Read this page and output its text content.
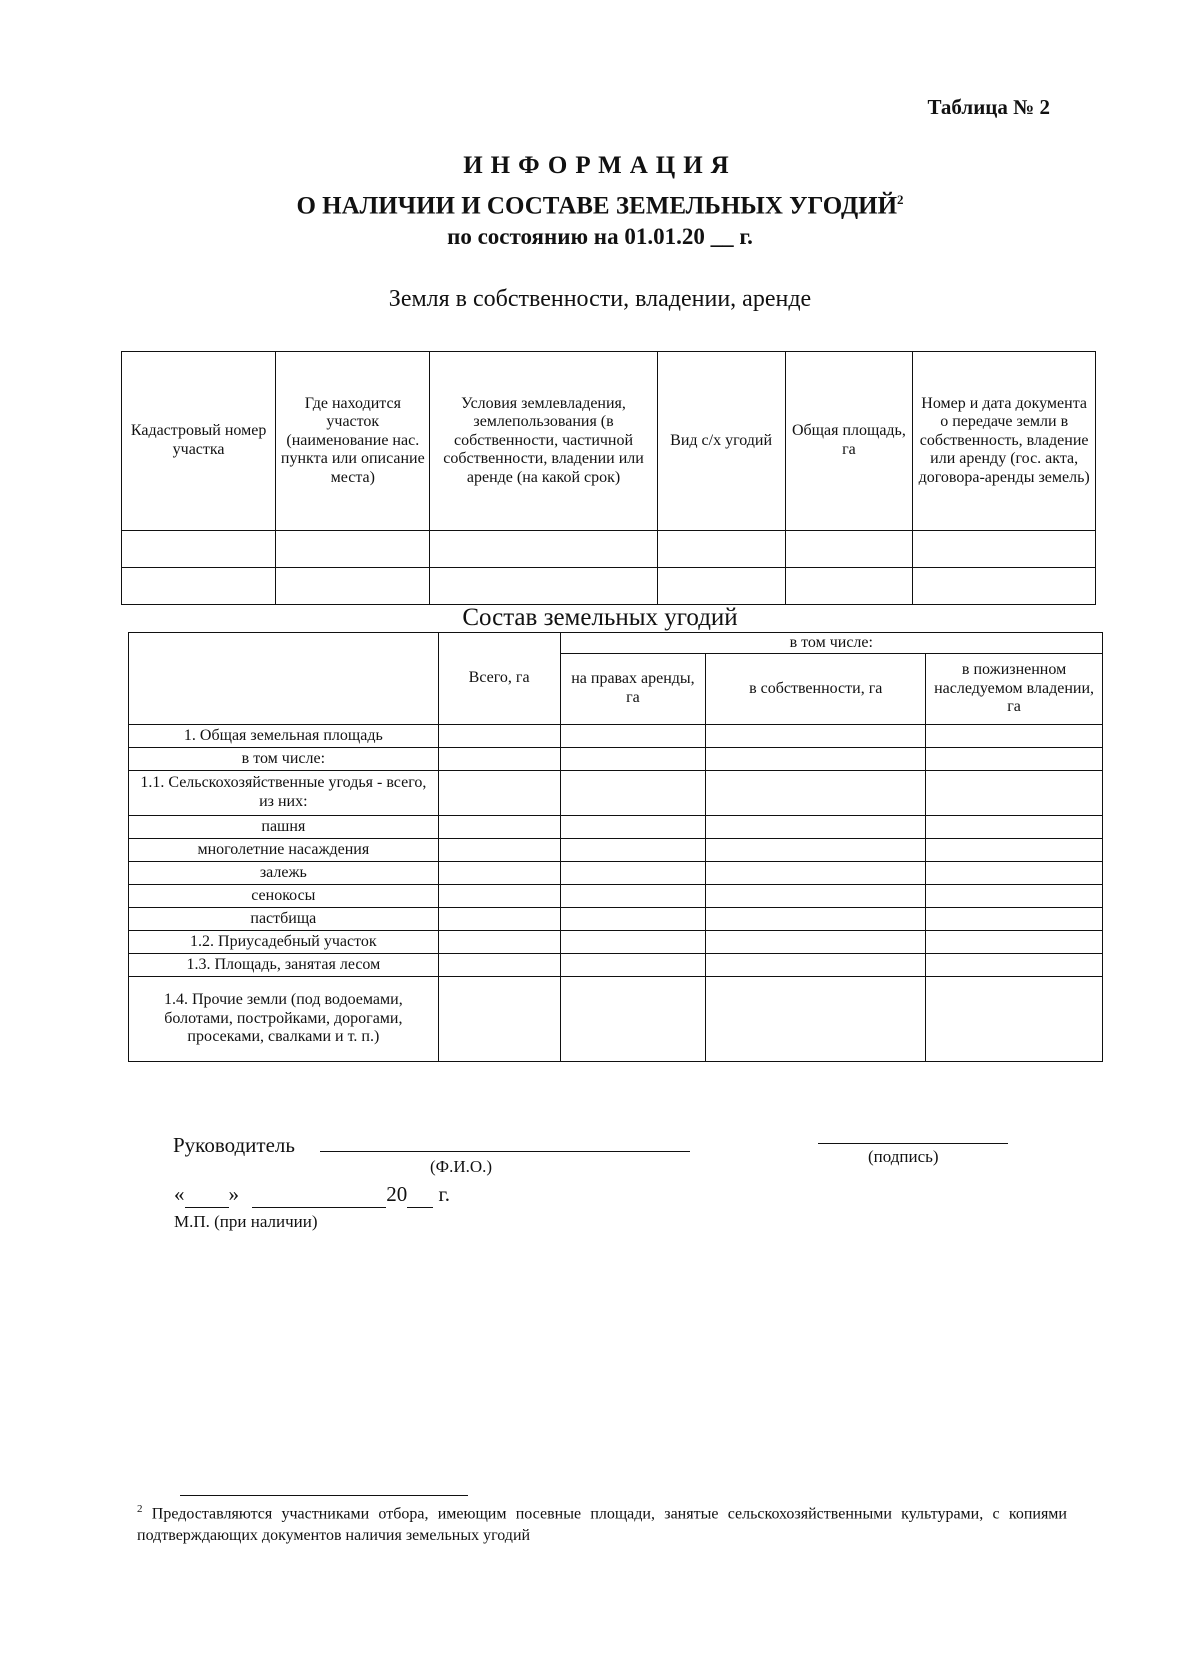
Таблица № 2
ИНФОРМАЦИЯ
О НАЛИЧИИ И СОСТАВЕ ЗЕМЕЛЬНЫХ УГОДИЙ$^2$
по состоянию на 01.01.20 __ г.
Земля в собственности, владении, аренде
Кадастровый номер участка	Где находится участок (наименование нас. пункта или описание места)	Условия землевладения, землепользования (в собственности, частичной собственности, владении или аренде (на какой срок)	Вид с/х угодий	Общая площадь, га	Номер и дата документа о передаче земли в собственность, владение или аренду (гос. акта, договора-аренды земель)

Состав земельных угодий
	Всего, га	в том числе:		
		на правах аренды, га	в собственности, га	в пожизненном наследуемом владении, га
1. Общая земельная площадь				
в том числе:				
1.1. Сельскохозяйственные угодья - всего, из них:				
пашня				
многолетние насаждения				
залежь				
сенокосы				
пастбища				
1.2. Приусадебный участок				
1.3. Площадь, занятая лесом				
1.4. Прочие земли (под водоемами, болотами, постройками, дорогами, просеками, свалками и т. п.)				
Руководитель
(Ф.И.О.)
(подпись)
« »	20 г.
М.П. (при наличии)
$^2$ Предоставляются участниками отбора, имеющим посевные площади, занятые сельскохозяйственными культурами, с копиями подтверждающих документов наличия земельных угодий
